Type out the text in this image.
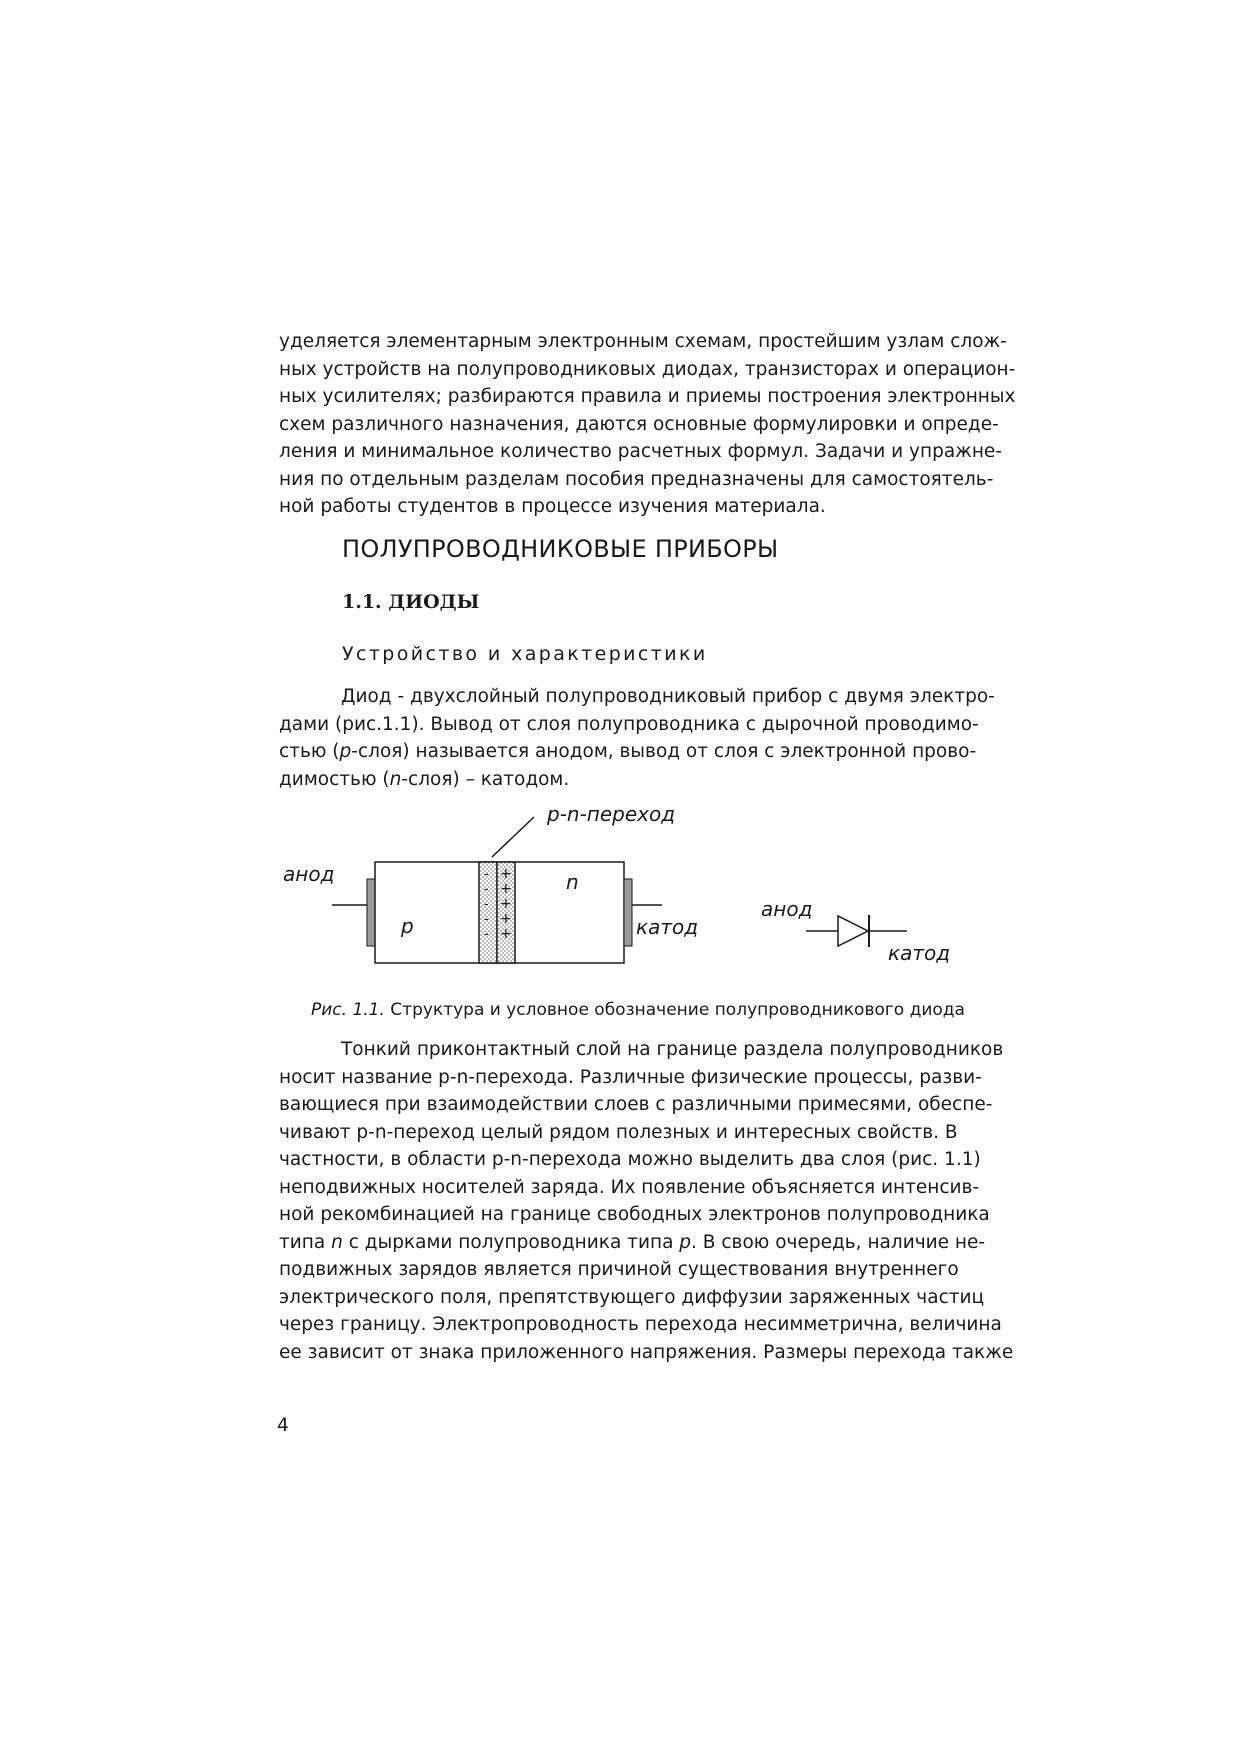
уделяется элементарным электронным схемам, простейшим узлам слож-
ных устройств на полупроводниковых диодах, транзисторах и операцион-
ных усилителях; разбираются правила и приемы построения электронных
схем различного назначения, даются основные формулировки и опреде-
ления и минимальное количество расчетных формул. Задачи и упражне-
ния по отдельным разделам пособия предназначены для самостоятель-
ной работы студентов в процессе изучения материала.

ПОЛУПРОВОДНИКОВЫЕ ПРИБОРЫ
1.1. ДИОДЫ
Устройство и характеристики

Диод - двухслойный полупроводниковый прибор с двумя электро-
дами (рис.1.1). Вывод от слоя полупроводника с дырочной проводимо-
стью (р-слоя) называется анодом, вывод от слоя с электронной прово-
димостью (n-слоя) – катодом.

p-n-переход
анод	-
-
-
-
-
+
+
+
+
+
p
n
катод
анод
катод

Рис. 1.1. Структура и условное обозначение полупроводникового диода

Тонкий приконтактный слой на границе раздела полупроводников
носит название p-n-перехода. Различные физические процессы, разви-
вающиеся при взаимодействии слоев с различными примесями, обеспе-
чивают p-n-переход целый рядом полезных и интересных свойств. В
частности, в области p-n-перехода можно выделить два слоя (рис. 1.1)
неподвижных носителей заряда. Их появление объясняется интенсив-
ной рекомбинацией на границе свободных электронов полупроводника
типа n с дырками полупроводника типа p. В свою очередь, наличие не-
подвижных зарядов является причиной существования внутреннего
электрического поля, препятствующего диффузии заряженных частиц
через границу. Электропроводность перехода несимметрична, величина
ее зависит от знака приложенного напряжения. Размеры перехода также

4
